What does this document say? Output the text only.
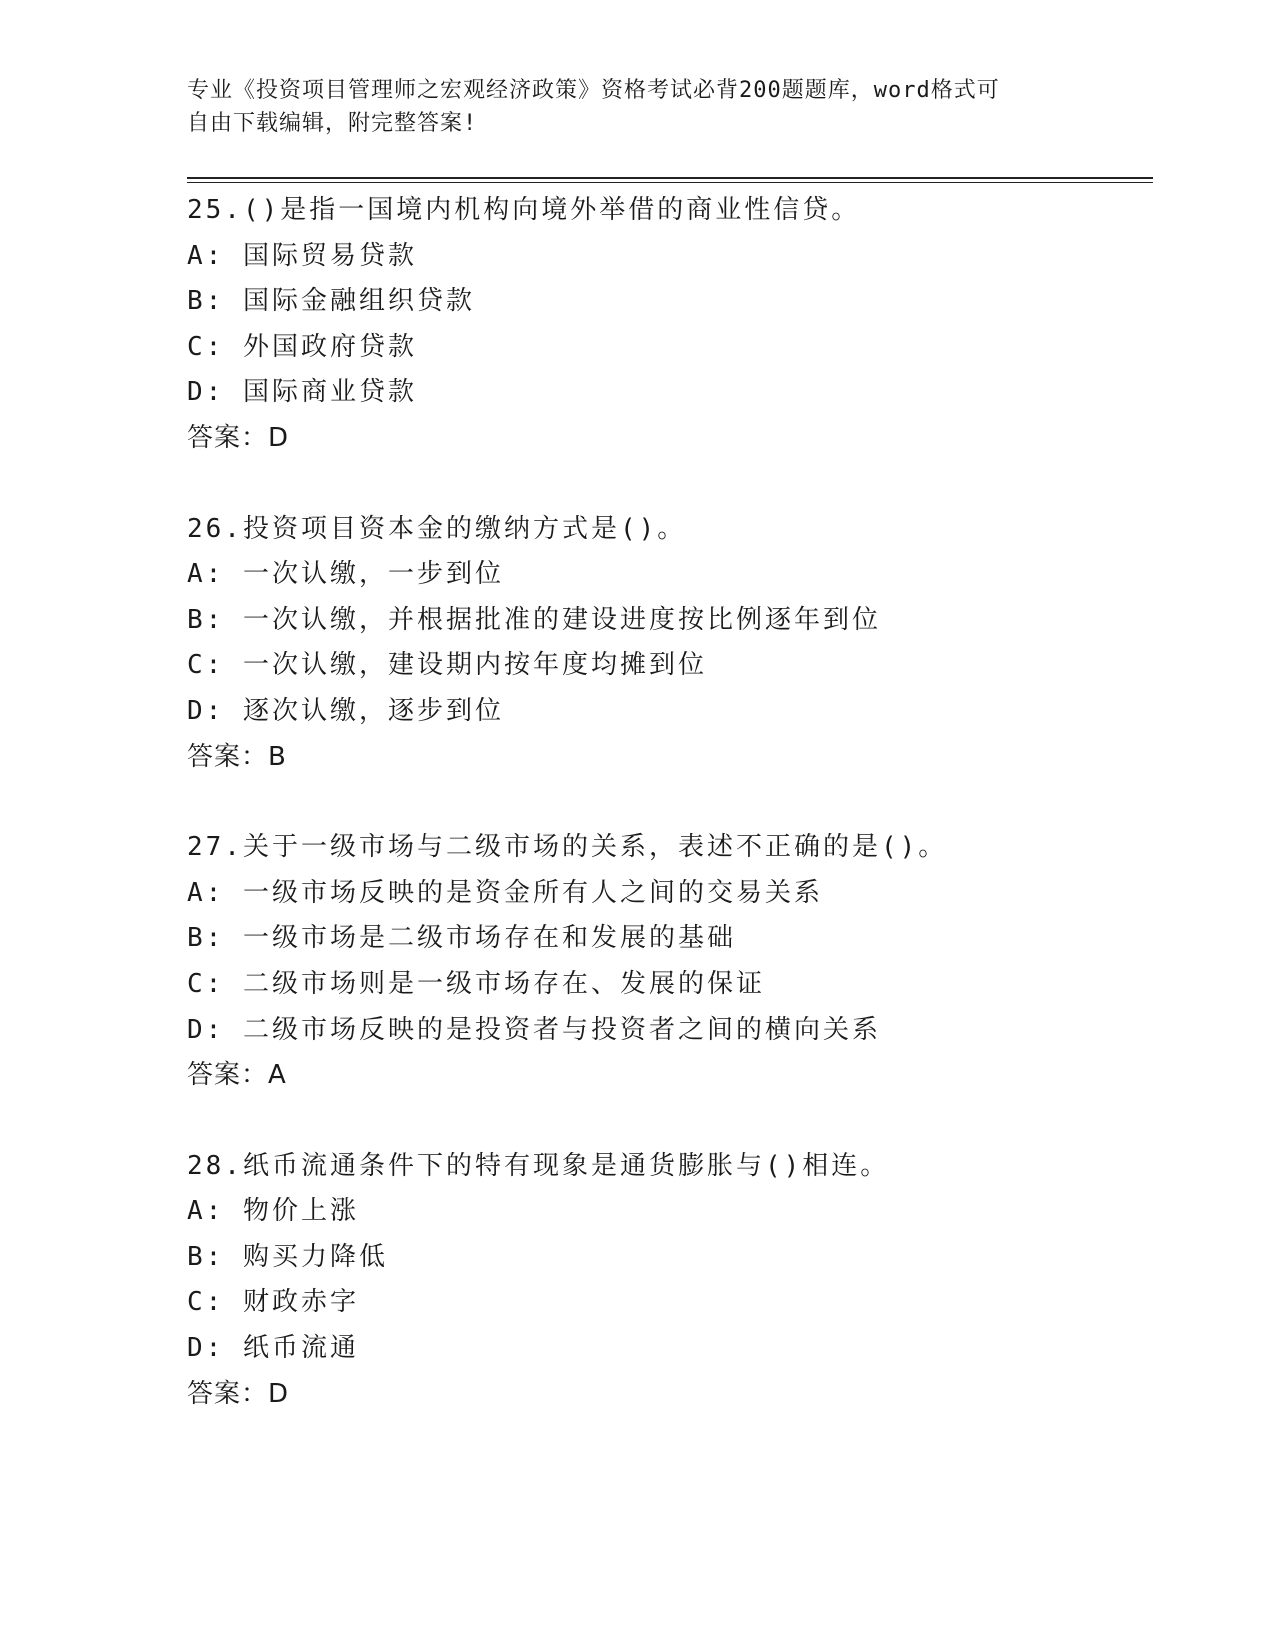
专业《投资项目管理师之宏观经济政策》资格考试必背200题题库，word格式可
自由下载编辑，附完整答案!
25.()是指一国境内机构向境外举借的商业性信贷。
A: 国际贸易贷款
B: 国际金融组织贷款
C: 外国政府贷款
D: 国际商业贷款
答案：D
26.投资项目资本金的缴纳方式是()。
A: 一次认缴，一步到位
B: 一次认缴，并根据批准的建设进度按比例逐年到位
C: 一次认缴，建设期内按年度均摊到位
D: 逐次认缴，逐步到位
答案：B
27.关于一级市场与二级市场的关系，表述不正确的是()。
A: 一级市场反映的是资金所有人之间的交易关系
B: 一级市场是二级市场存在和发展的基础
C: 二级市场则是一级市场存在、发展的保证
D: 二级市场反映的是投资者与投资者之间的横向关系
答案：A
28.纸币流通条件下的特有现象是通货膨胀与()相连。
A: 物价上涨
B: 购买力降低
C: 财政赤字
D: 纸币流通
答案：D
